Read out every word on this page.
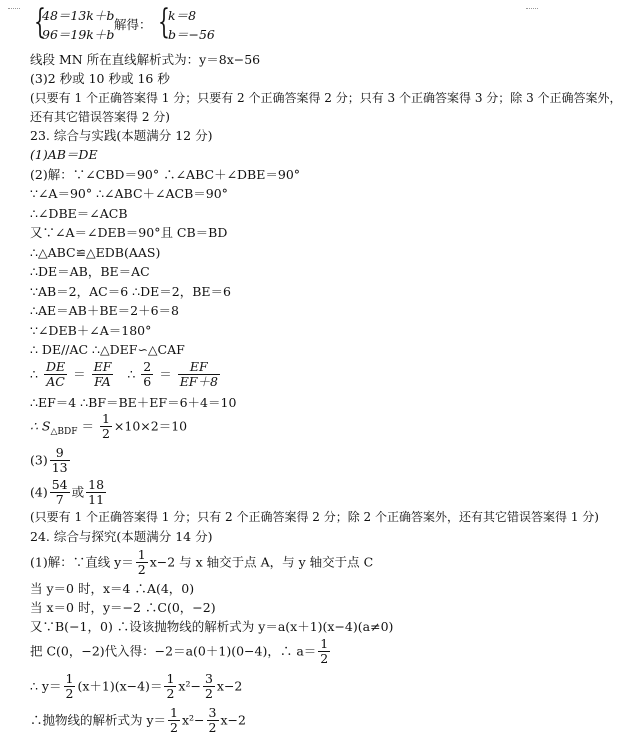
{
48＝13k＋b
96＝19k＋b
解得： {
k＝8
b＝−56
线段 MN 所在直线解析式为：y＝8x−56
(3)2 秒或 10 秒或 16 秒
(只要有 1 个正确答案得 1 分；只要有 2 个正确答案得 2 分；只有 3 个正确答案得 3 分；除 3 个正确答案外，
还有其它错误答案得 2 分)
23. 综合与实践(本题满分 12 分)
(1)AB＝DE
(2)解：∵∠CBD＝90° ∴∠ABC＋∠DBE＝90°
∵∠A＝90° ∴∠ABC＋∠ACB＝90°
∴∠DBE＝∠ACB
又∵∠A＝∠DEB＝90°且 CB＝BD
∴△ABC≌△EDB(AAS)
∴DE＝AB，BE＝AC
∵AB＝2，AC＝6 ∴DE＝2，BE＝6
∴AE＝AB＋BE＝2＋6＝8
∵∠DEB＋∠A＝180°
∴ DE//AC ∴△DEF∽△CAF
∴ $\frac{DE}{AC} = \frac{EF}{FA}$ ∴ $\frac{2}{6} = \frac{EF}{EF+8}$
∴EF＝4 ∴BF＝BE＋EF＝6＋4＝10
∴ $S_{\triangle BDF} = \frac{1}{2} \times 10\times 2=10$
$(3) \frac{9}{13}$
$(4) \frac{54}{7}$ 或 $\frac{18}{11}$
(只要有 1 个正确答案得 1 分；只有 2 个正确答案得 2 分；除 2 个正确答案外，还有其它错误答案得 1 分)
24. 综合与探究(本题满分 14 分)
(1)解：∵直线 $y= \frac{1}{2} x-2$ 与 x 轴交于点 A，与 y 轴交于点 C
当 y＝0 时，x＝4 ∴A(4，0)
当 x＝0 时，y＝−2 ∴C(0，−2)
又∵B(−1，0) ∴设该抛物线的解析式为 y＝a(x＋1)(x−4)(a≠0)
把 C(0，−2)代入得：−2＝a(0＋1)(0−4)，∴ $a= \frac{1}{2}$
∴ $y= \frac{1}{2} (x+1)(x-4)= \frac{1}{2} x^2- \frac{3}{2} x-2$
∴抛物线的解析式为 $y= \frac{1}{2} x^2- \frac{3}{2} x-2$
